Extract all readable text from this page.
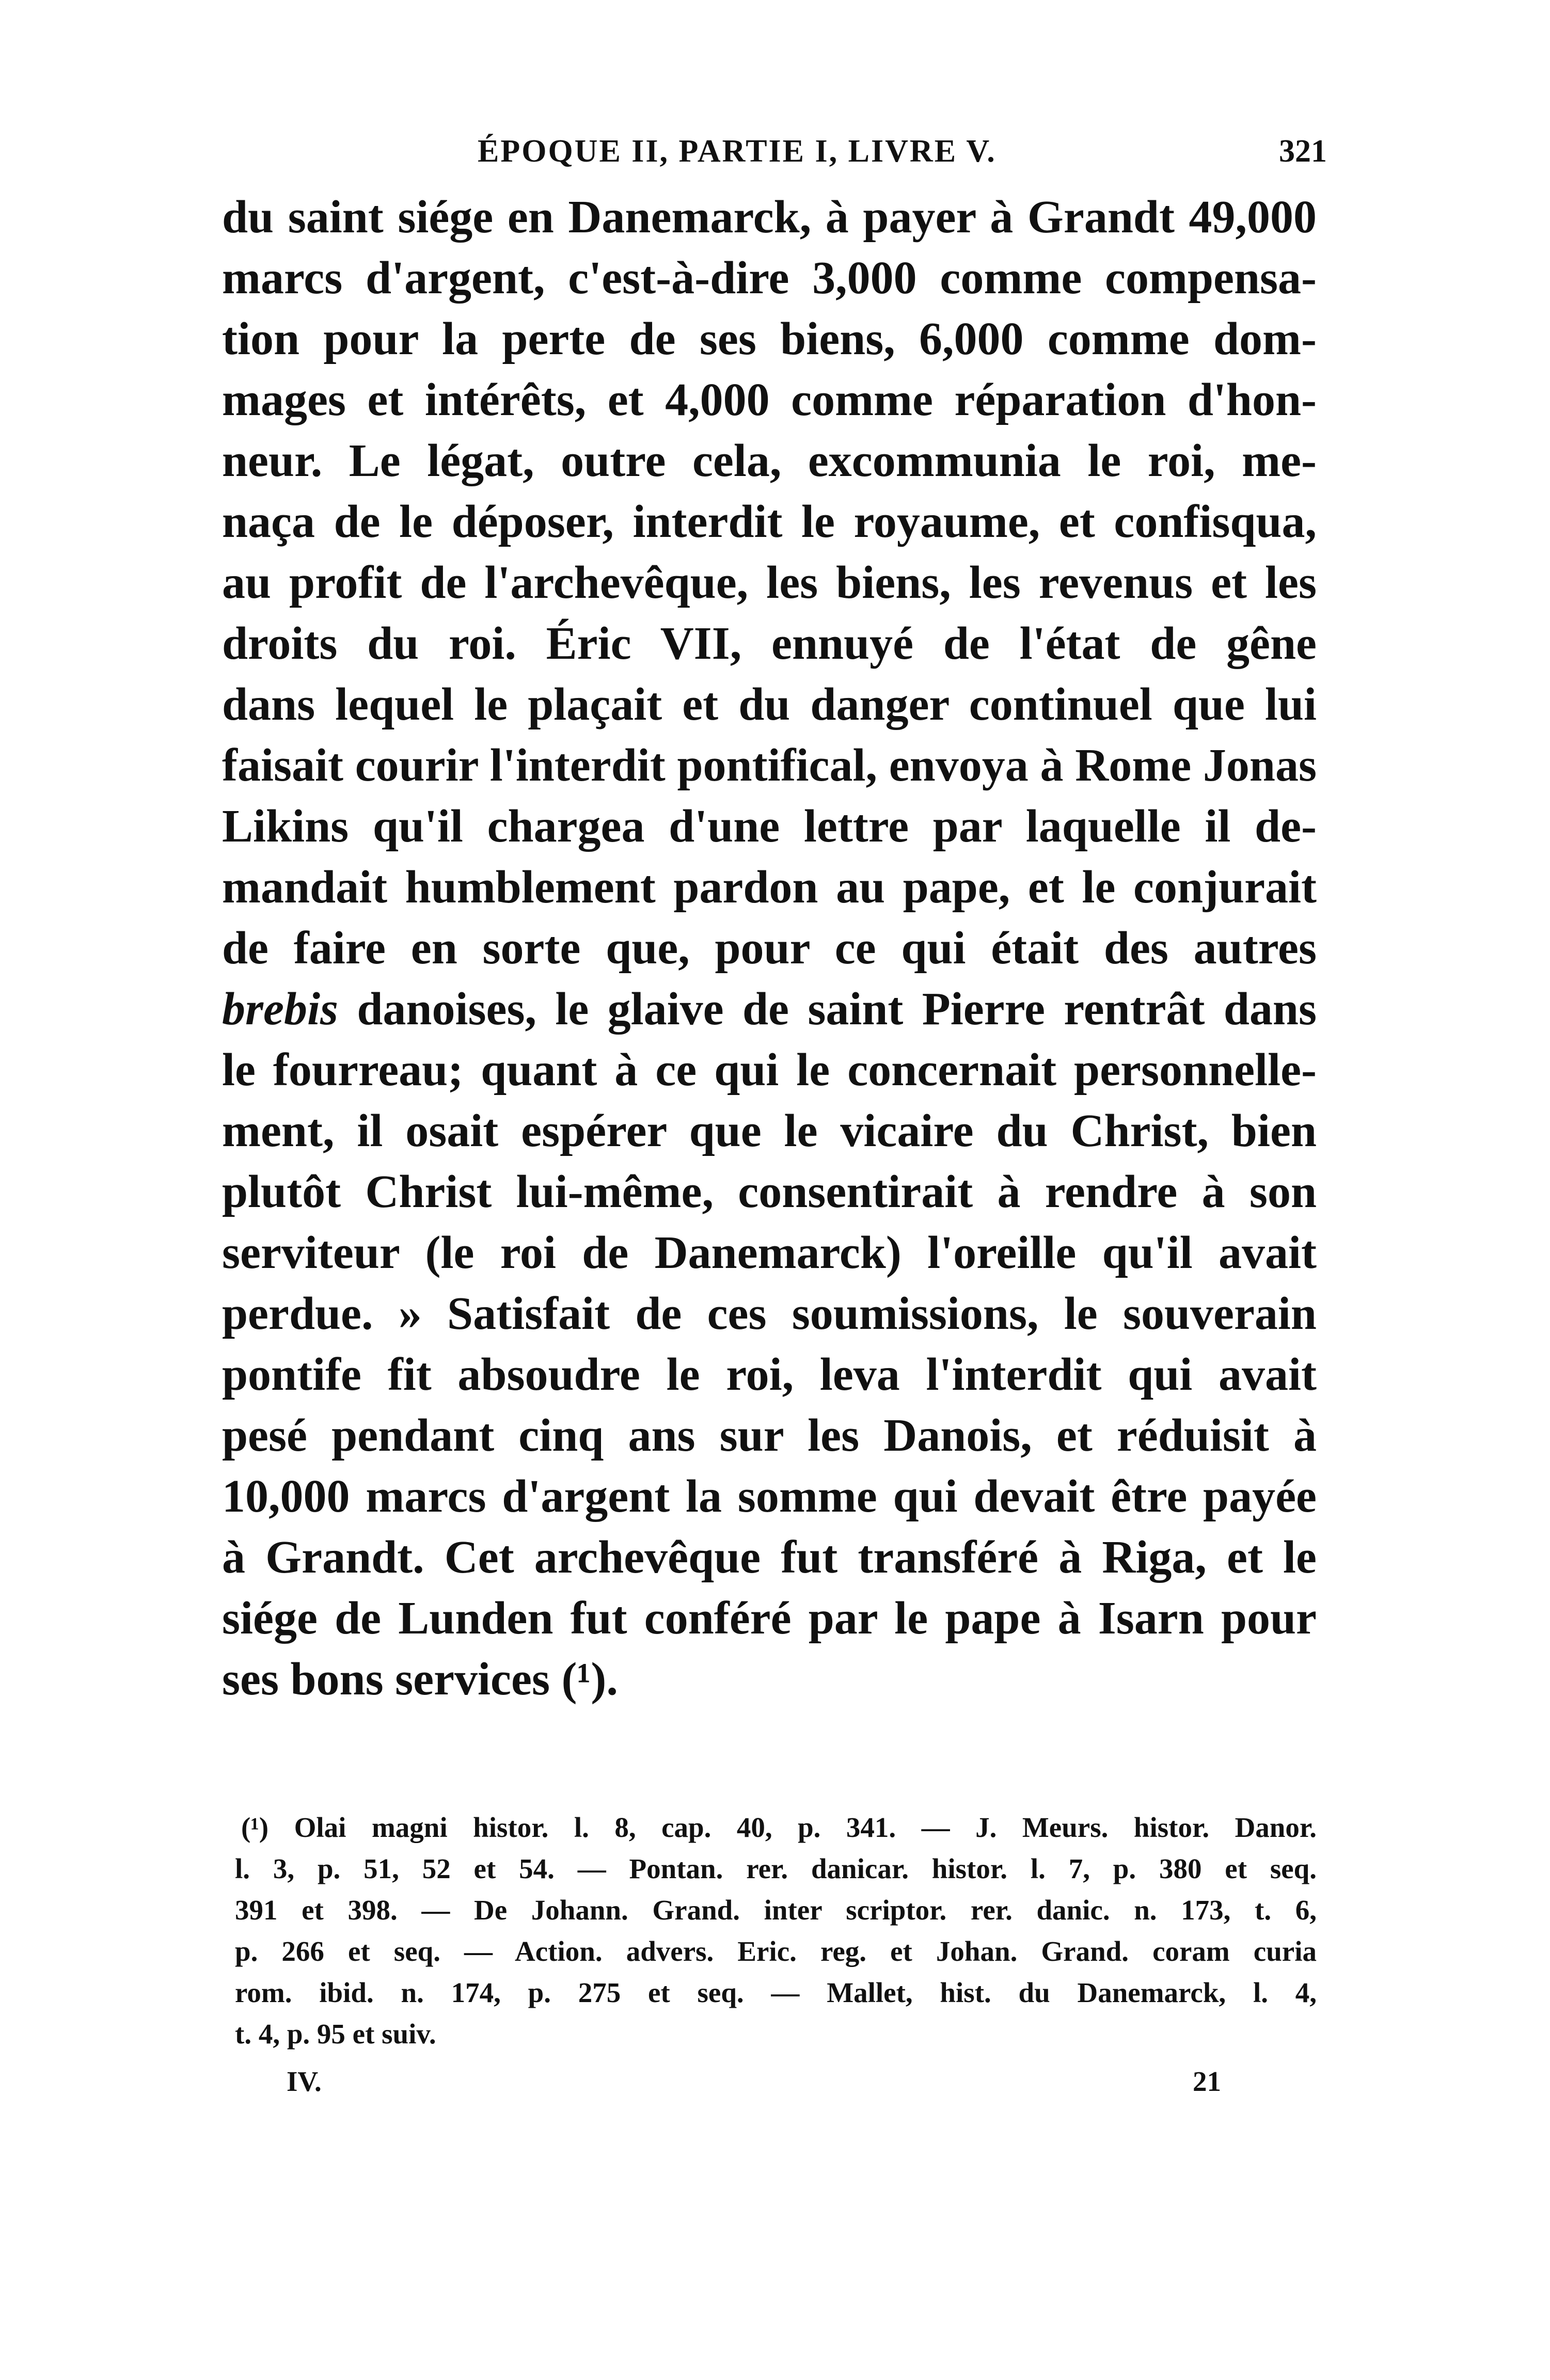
ÉPOQUE II, PARTIE I, LIVRE V.	321
du saint siége en Danemarck, à payer à Grandt 49,000
marcs d'argent, c'est-à-dire 3,000 comme compensa-
tion pour la perte de ses biens, 6,000 comme dom-
mages et intérêts, et 4,000 comme réparation d'hon-
neur. Le légat, outre cela, excommunia le roi, me-
naça de le déposer, interdit le royaume, et confisqua,
au profit de l'archevêque, les biens, les revenus et les
droits du roi. Éric VII, ennuyé de l'état de gêne
dans lequel le plaçait et du danger continuel que lui
faisait courir l'interdit pontifical, envoya à Rome Jonas
Likins qu'il chargea d'une lettre par laquelle il de-
mandait humblement pardon au pape, et le conjurait
de faire en sorte que, pour ce qui était des autres
brebis danoises, le glaive de saint Pierre rentrât dans
le fourreau; quant à ce qui le concernait personnelle-
ment, il osait espérer que le vicaire du Christ, bien
plutôt Christ lui-même, consentirait à rendre à son
serviteur (le roi de Danemarck) l'oreille qu'il avait
perdue. » Satisfait de ces soumissions, le souverain
pontife fit absoudre le roi, leva l'interdit qui avait
pesé pendant cinq ans sur les Danois, et réduisit à
10,000 marcs d'argent la somme qui devait être payée
à Grandt. Cet archevêque fut transféré à Riga, et le
siége de Lunden fut conféré par le pape à Isarn pour
ses bons services (¹).
(¹) Olai magni histor. l. 8, cap. 40, p. 341. — J. Meurs. histor. Danor.
l. 3, p. 51, 52 et 54. — Pontan. rer. danicar. histor. l. 7, p. 380 et seq.
391 et 398. — De Johann. Grand. inter scriptor. rer. danic. n. 173, t. 6,
p. 266 et seq. — Action. advers. Eric. reg. et Johan. Grand. coram curia
rom. ibid. n. 174, p. 275 et seq. — Mallet, hist. du Danemarck, l. 4,
t. 4, p. 95 et suiv.
IV.	21
